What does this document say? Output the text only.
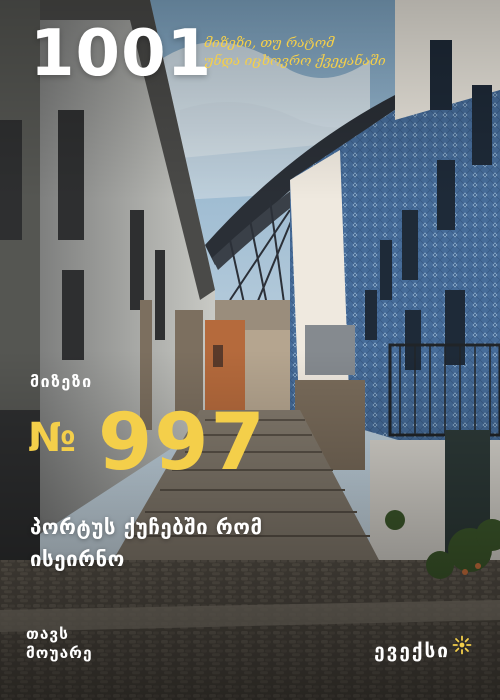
1001
მიზეზი, თუ რატომ
უნდა იცხოვრო ქვეყანაში
მიზეზი
№ 997
პორტუს ქუჩებში რომ
ისეირნო
თავს
მოუარე	ევექსი
